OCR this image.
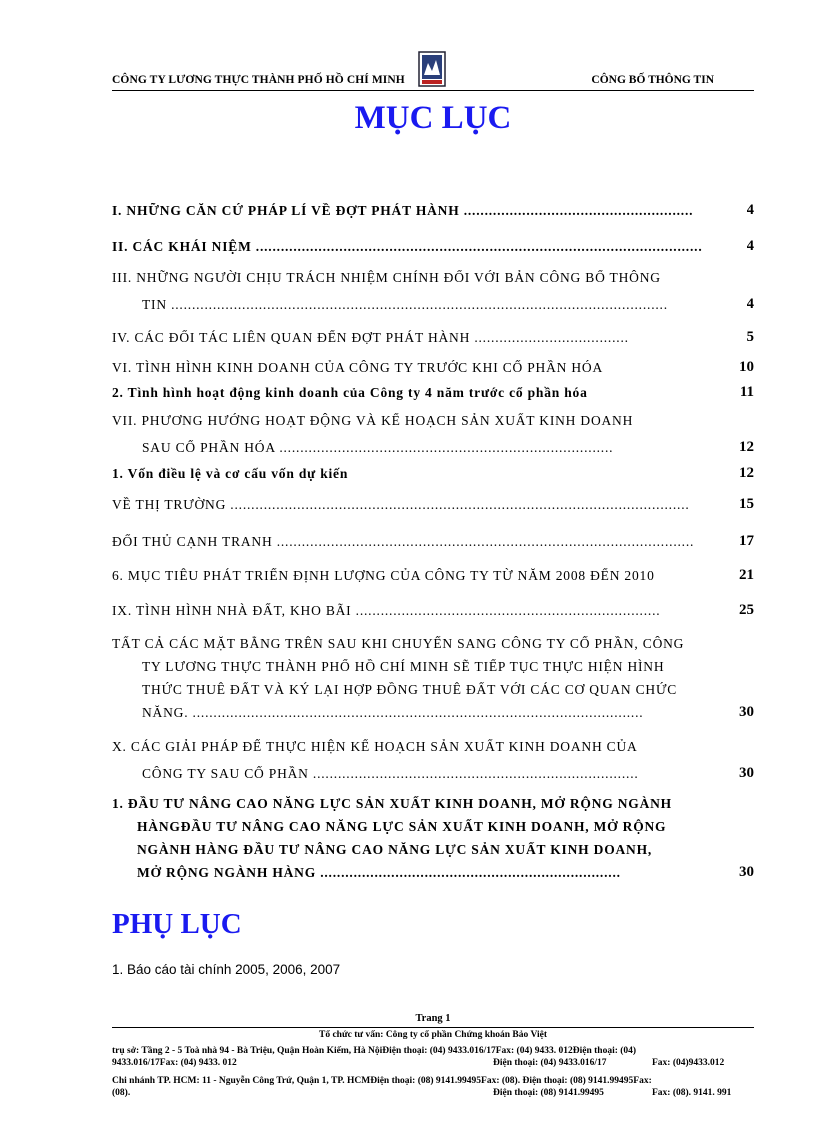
CÔNG TY LƯƠNG THỰC THÀNH PHỐ HỒ CHÍ MINH	CÔNG BỐ THÔNG TIN
MỤC LỤC
I. NHỮNG CĂN CỨ PHÁP LÍ VỀ ĐỢT PHÁT HÀNH .......................................................	4
II. CÁC KHÁI NIỆM ...........................................................................................................	4
III. NHỮNG NGƯỜI CHỊU TRÁCH NHIỆM CHÍNH ĐỐI VỚI BẢN CÔNG BỐ THÔNG
TIN .......................................................................................................................	4
IV. CÁC ĐỐI TÁC LIÊN QUAN ĐẾN ĐỢT PHÁT HÀNH .....................................	5
VI. TÌNH HÌNH KINH DOANH CỦA CÔNG TY TRƯỚC KHI CỔ PHẦN HÓA	10
2. Tình hình hoạt động kinh doanh của Công ty 4 năm trước cổ phần hóa	11
VII. PHƯƠNG HƯỚNG HOẠT ĐỘNG VÀ KẾ HOẠCH SẢN XUẤT KINH DOANH
SAU CỔ PHẦN HÓA ................................................................................	12
1. Vốn điều lệ và cơ cấu vốn dự kiến	12
VỀ THỊ TRƯỜNG ..............................................................................................................	15
ĐỐI THỦ CẠNH TRANH ....................................................................................................	17
6. MỤC TIÊU PHÁT TRIỂN ĐỊNH LƯỢNG CỦA CÔNG TY TỪ NĂM 2008 ĐẾN 2010	21
IX. TÌNH HÌNH NHÀ ĐẤT, KHO BÃI .........................................................................	25
TẤT CẢ CÁC MẶT BẰNG TRÊN SAU KHI CHUYỂN SANG CÔNG TY CỔ PHẦN, CÔNG
TY LƯƠNG THỰC THÀNH PHỐ HỒ CHÍ MINH SẼ TIẾP TỤC THỰC HIỆN HÌNH
THỨC THUÊ ĐẤT VÀ KÝ LẠI HỢP ĐỒNG THUÊ ĐẤT VỚI CÁC CƠ QUAN CHỨC
NĂNG. ............................................................................................................	30
X. CÁC GIẢI PHÁP ĐỂ THỰC HIỆN KẾ HOẠCH SẢN XUẤT KINH DOANH CỦA
CÔNG TY SAU CỔ PHẦN ..............................................................................	30
1. ĐẦU TƯ NÂNG CAO NĂNG LỰC SẢN XUẤT KINH DOANH, MỞ RỘNG NGÀNH
HÀNGĐẦU TƯ NÂNG CAO NĂNG LỰC SẢN XUẤT KINH DOANH, MỞ RỘNG
NGÀNH HÀNG ĐẦU TƯ NÂNG CAO NĂNG LỰC SẢN XUẤT KINH DOANH,
MỞ RỘNG NGÀNH HÀNG ........................................................................	30
PHỤ LỤC
1. Báo cáo tài chính 2005, 2006, 2007
Trang 1
Tổ chức tư vấn: Công ty cổ phần Chứng khoán Bảo Việt
trụ sở: Tầng 2 - 5 Toà nhà 94 - Bà Triệu, Quận Hoàn Kiếm, Hà NộiĐiện thoại: (04) 9433.016/17Fax: (04) 9433. 012Điện thoại: (04)
9433.016/17Fax: (04) 9433. 012	Điện thoại: (04) 9433.016/17	Fax: (04)9433.012
Chi nhánh TP. HCM: 11 - Nguyễn Công Trứ, Quận 1, TP. HCMĐiện thoại: (08) 9141.99495Fax: (08). Điện thoại: (08) 9141.99495Fax:
(08).	Điện thoại: (08) 9141.99495	Fax: (08). 9141. 991
